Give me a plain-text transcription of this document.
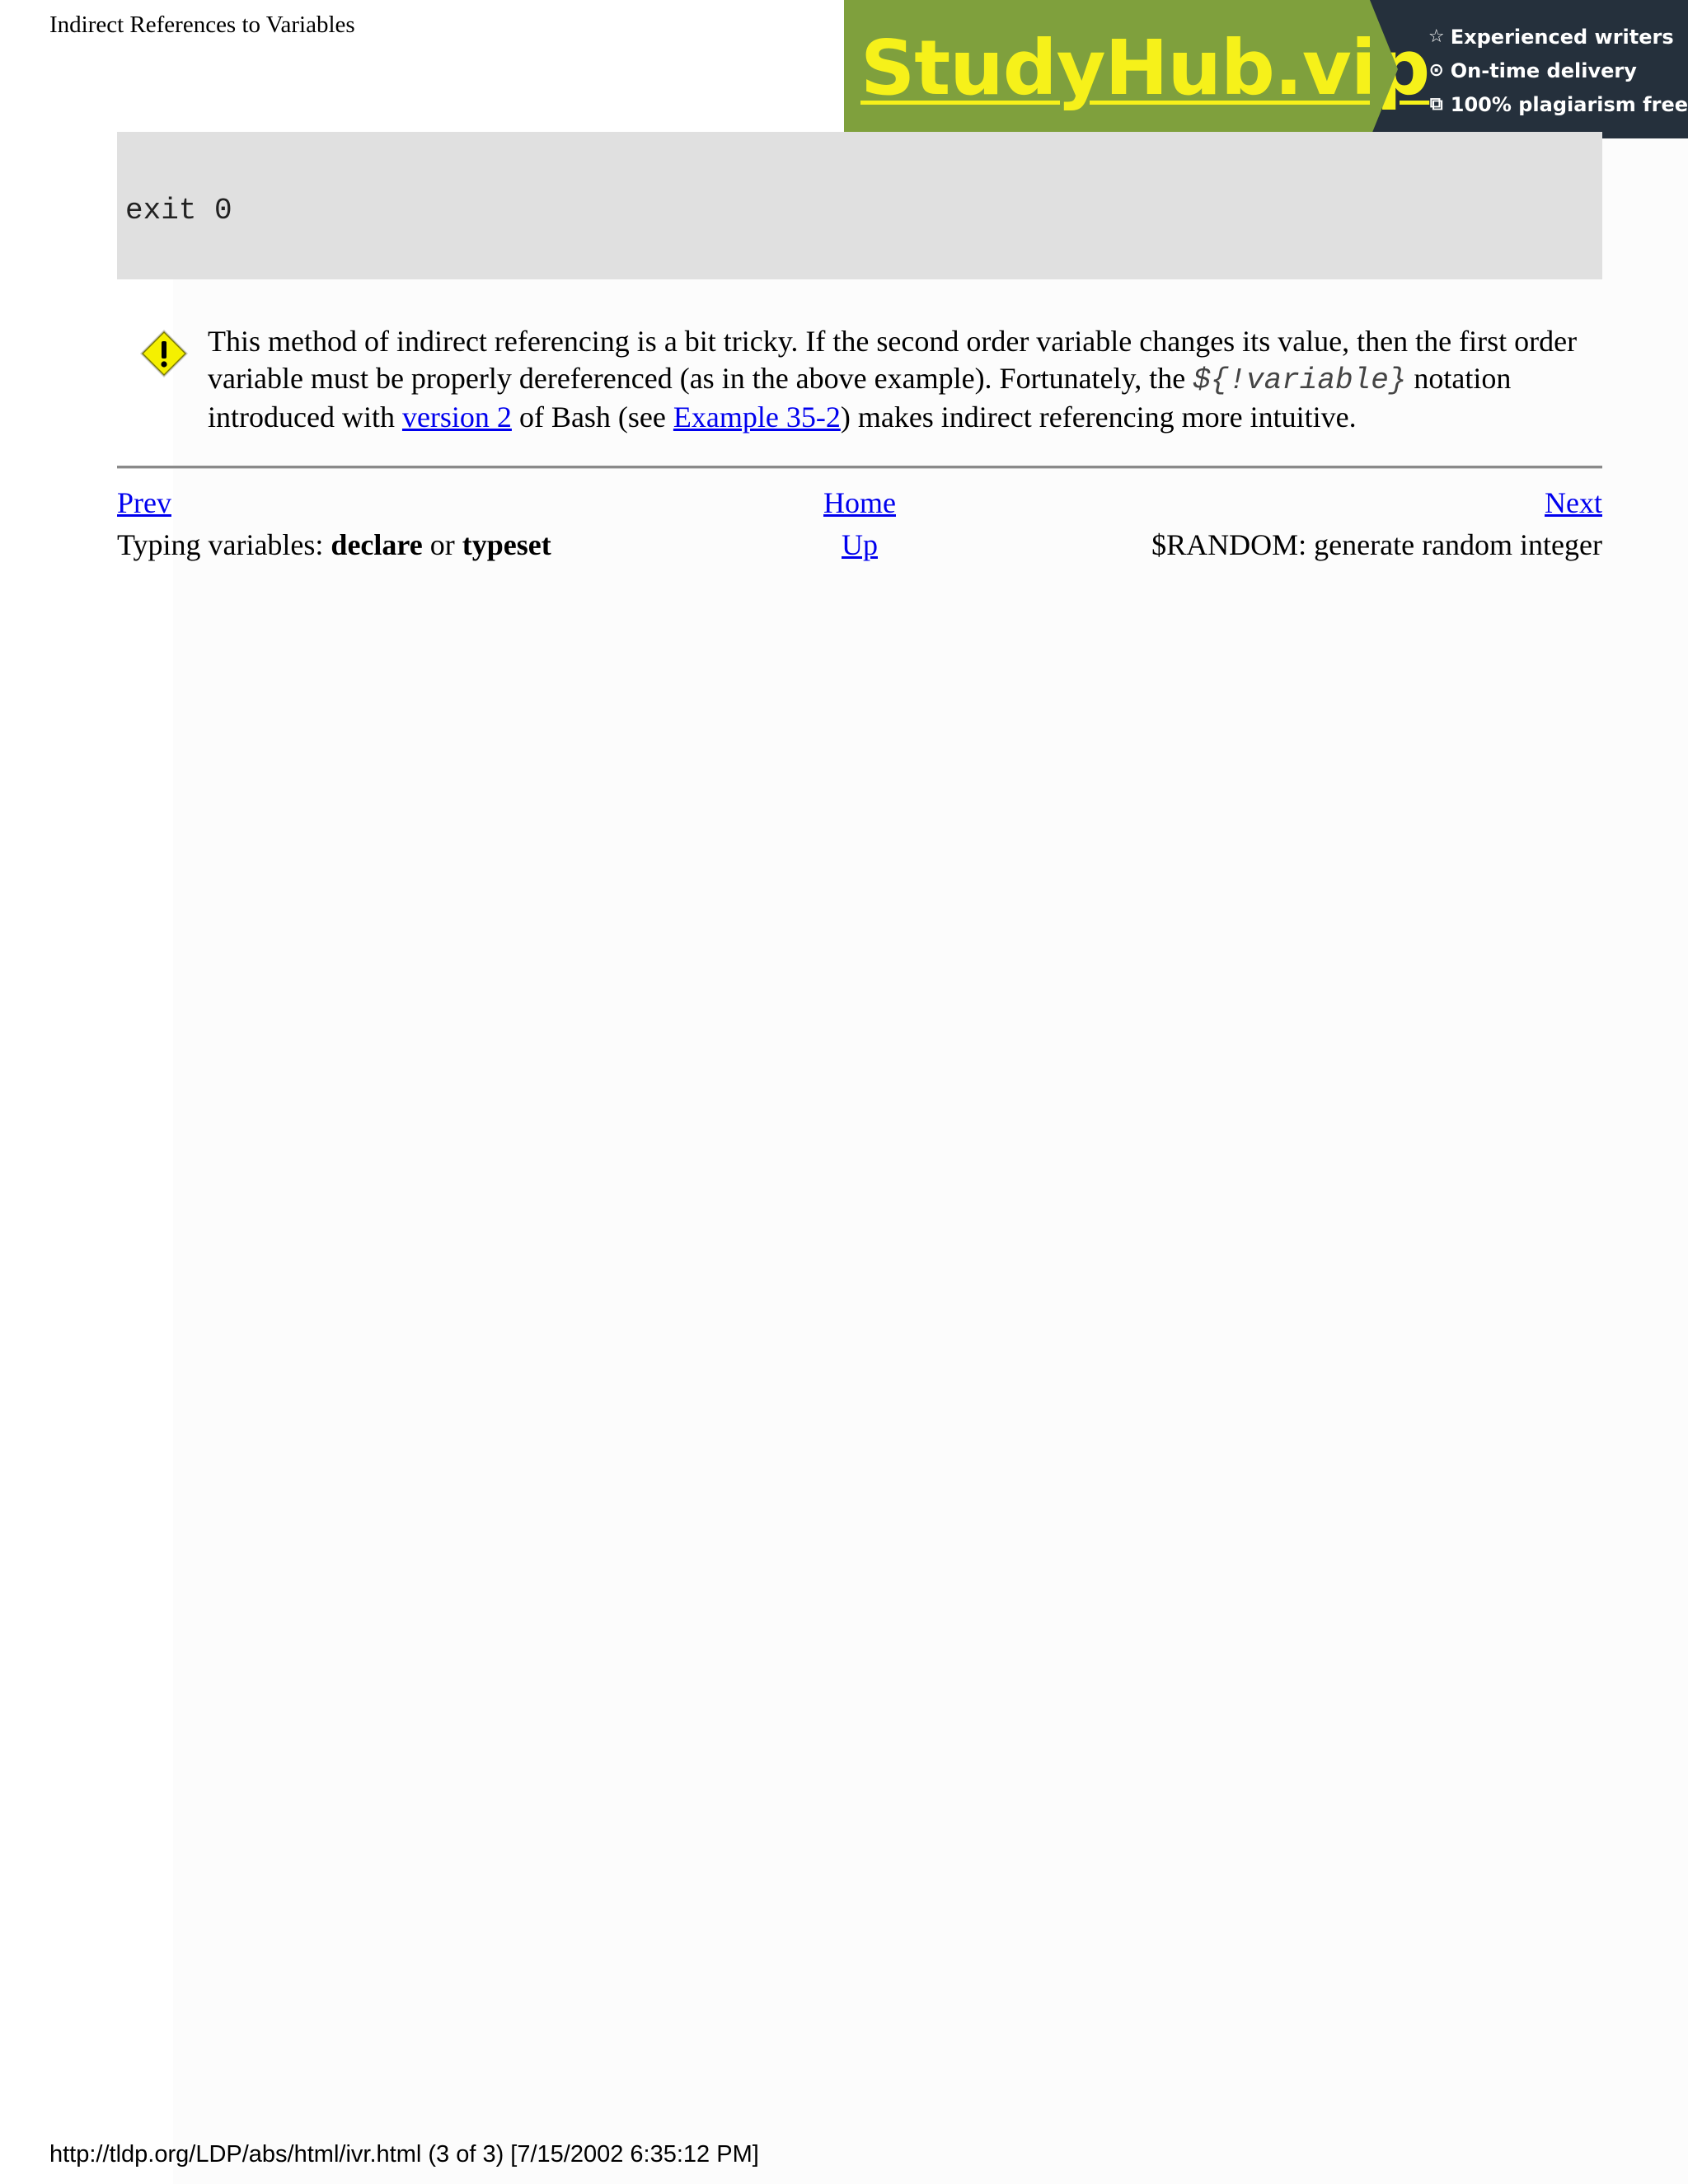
Indirect References to Variables	StudyHub.vip
☆ Experienced writers
⊙ On-time delivery
⧉ 100% plagiarism free
exit 0
This method of indirect referencing is a bit tricky. If the second order variable changes its value, then the first order variable must be properly dereferenced (as in the above example). Fortunately, the ${!variable} notation introduced with version 2 of Bash (see Example 35-2) makes indirect referencing more intuitive.
Prev	Home	Next
Typing variables: declare or typeset	Up	$RANDOM: generate random integer
http://tldp.org/LDP/abs/html/ivr.html (3 of 3) [7/15/2002 6:35:12 PM]
